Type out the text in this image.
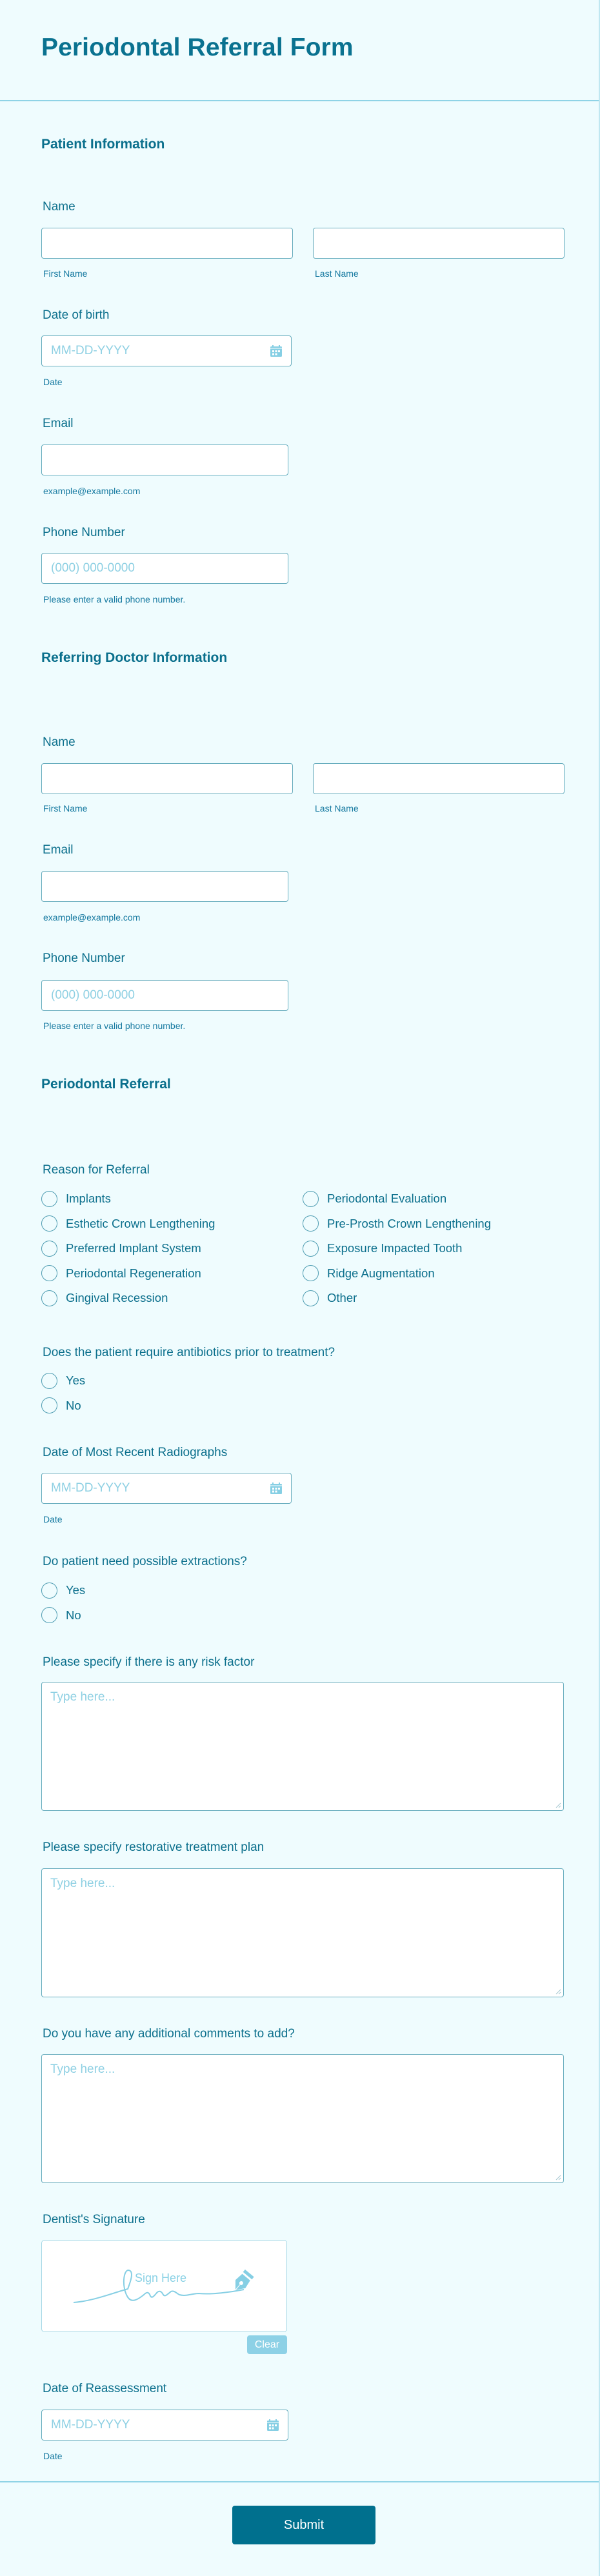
Periodontal Referral Form
Patient Information
Name
First Name	Last Name
Date of birth
MM-DD-YYYY
Date
Email
example@example.com
Phone Number
(000) 000-0000
Please enter a valid phone number.
Referring Doctor Information
Name
First Name	Last Name
Email
example@example.com
Phone Number
(000) 000-0000
Please enter a valid phone number.
Periodontal Referral
Reason for Referral
Implants
Esthetic Crown Lengthening
Preferred Implant System
Periodontal Regeneration
Gingival Recession
Periodontal Evaluation
Pre-Prosth Crown Lengthening
Exposure Impacted Tooth
Ridge Augmentation
Other
Does the patient require antibiotics prior to treatment?
Yes
No
Date of Most Recent Radiographs
MM-DD-YYYY
Date
Do patient need possible extractions?
Yes
No
Please specify if there is any risk factor
Type here...
Please specify restorative treatment plan
Type here...
Do you have any additional comments to add?
Type here...
Dentist's Signature
Sign Here
Clear
Date of Reassessment
MM-DD-YYYY
Date
Submit
